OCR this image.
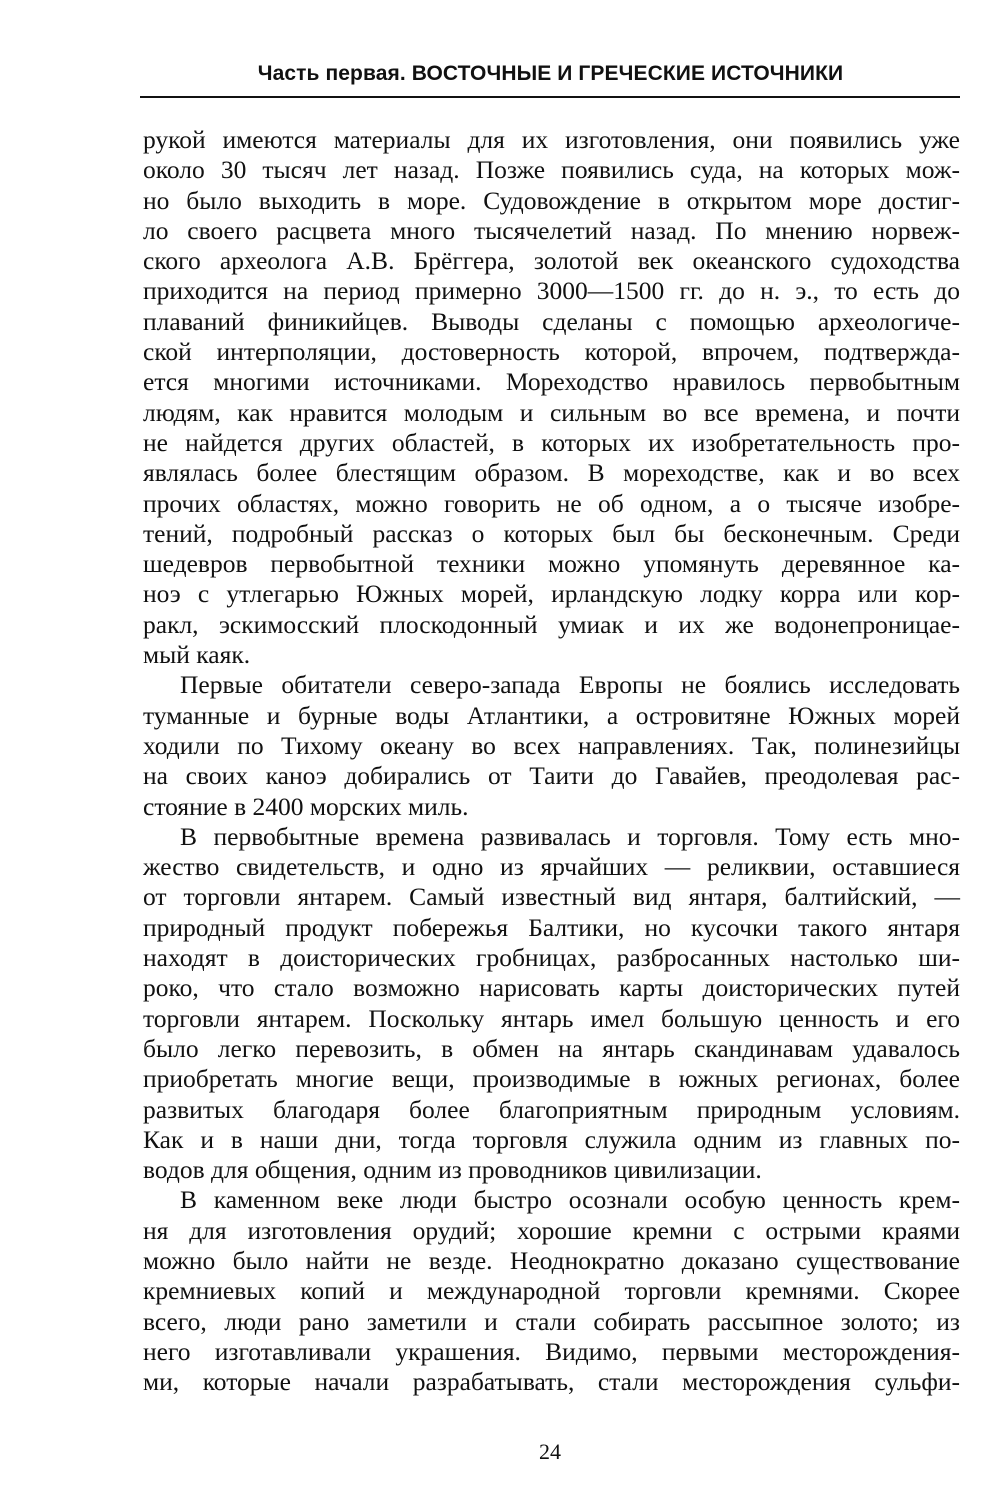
Часть первая. ВОСТОЧНЫЕ И ГРЕЧЕСКИЕ ИСТОЧНИКИ
рукой имеются материалы для их изготовления, они появились уже
около 30 тысяч лет назад. Позже появились суда, на которых мож-
но было выходить в море. Судовождение в открытом море достиг-
ло своего расцвета много тысячелетий назад. По мнению норвеж-
ского археолога А.В. Брёггера, золотой век океанского судоходства
приходится на период примерно 3000—1500 гг. до н. э., то есть до
плаваний финикийцев. Выводы сделаны с помощью археологиче-
ской интерполяции, достоверность которой, впрочем, подтвержда-
ется многими источниками. Мореходство нравилось первобытным
людям, как нравится молодым и сильным во все времена, и почти
не найдется других областей, в которых их изобретательность про-
являлась более блестящим образом. В мореходстве, как и во всех
прочих областях, можно говорить не об одном, а о тысяче изобре-
тений, подробный рассказ о которых был бы бесконечным. Среди
шедевров первобытной техники можно упомянуть деревянное ка-
ноэ с утлегарью Южных морей, ирландскую лодку корра или кор-
ракл, эскимосский плоскодонный умиак и их же водонепроницае-
мый каяк.
Первые обитатели северо-запада Европы не боялись исследовать
туманные и бурные воды Атлантики, а островитяне Южных морей
ходили по Тихому океану во всех направлениях. Так, полинезийцы
на своих каноэ добирались от Таити до Гавайев, преодолевая рас-
стояние в 2400 морских миль.
В первобытные времена развивалась и торговля. Тому есть мно-
жество свидетельств, и одно из ярчайших — реликвии, оставшиеся
от торговли янтарем. Самый известный вид янтаря, балтийский, —
природный продукт побережья Балтики, но кусочки такого янтаря
находят в доисторических гробницах, разбросанных настолько ши-
роко, что стало возможно нарисовать карты доисторических путей
торговли янтарем. Поскольку янтарь имел большую ценность и его
было легко перевозить, в обмен на янтарь скандинавам удавалось
приобретать многие вещи, производимые в южных регионах, более
развитых благодаря более благоприятным природным условиям.
Как и в наши дни, тогда торговля служила одним из главных по-
водов для общения, одним из проводников цивилизации.
В каменном веке люди быстро осознали особую ценность крем-
ня для изготовления орудий; хорошие кремни с острыми краями
можно было найти не везде. Неоднократно доказано существование
кремниевых копий и международной торговли кремнями. Скорее
всего, люди рано заметили и стали собирать рассыпное золото; из
него изготавливали украшения. Видимо, первыми месторождения-
ми, которые начали разрабатывать, стали месторождения сульфи-
24
